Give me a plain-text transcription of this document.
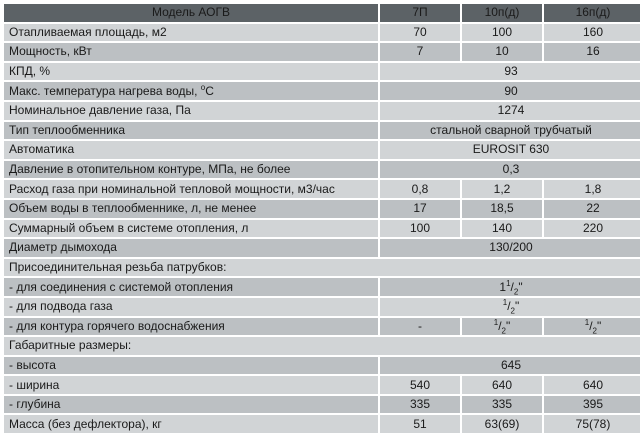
Модель АОГВ	7П	10п(д)	16п(д)
Отапливаемая площадь, м2	70	100	160
Мощность, кВт	7	10	16
КПД, %	93		
Макс. температура нагрева воды, $^o$С	90		
Номинальное давление газа, Па	1274		
Тип теплообменника	стальной сварной трубчатый		
Автоматика	EUROSIT 630		
Давление в отопительном контуре, МПа, не более	0,3		
Расход газа при номинальной тепловой мощности, м3/час	0,8	1,2	1,8
Объем воды в теплообменнике, л, не менее	17	18,5	22
Суммарный объем в системе отопления, л	100	140	220
Диаметр дымохода	130/200		
Присоединительная резьба патрубков:			
- для соединения с системой отопления	$1^1/_2$"		
- для подвода газа	$^1/_2$"		
- для контура горячего водоснабжения	-	$^1/_2$"	$^1/_2$"
Габаритные размеры:			
- высота	645		
- ширина	540	640	640
- глубина	335	335	395
Масса (без дефлектора), кг	51	63(69)	75(78)
